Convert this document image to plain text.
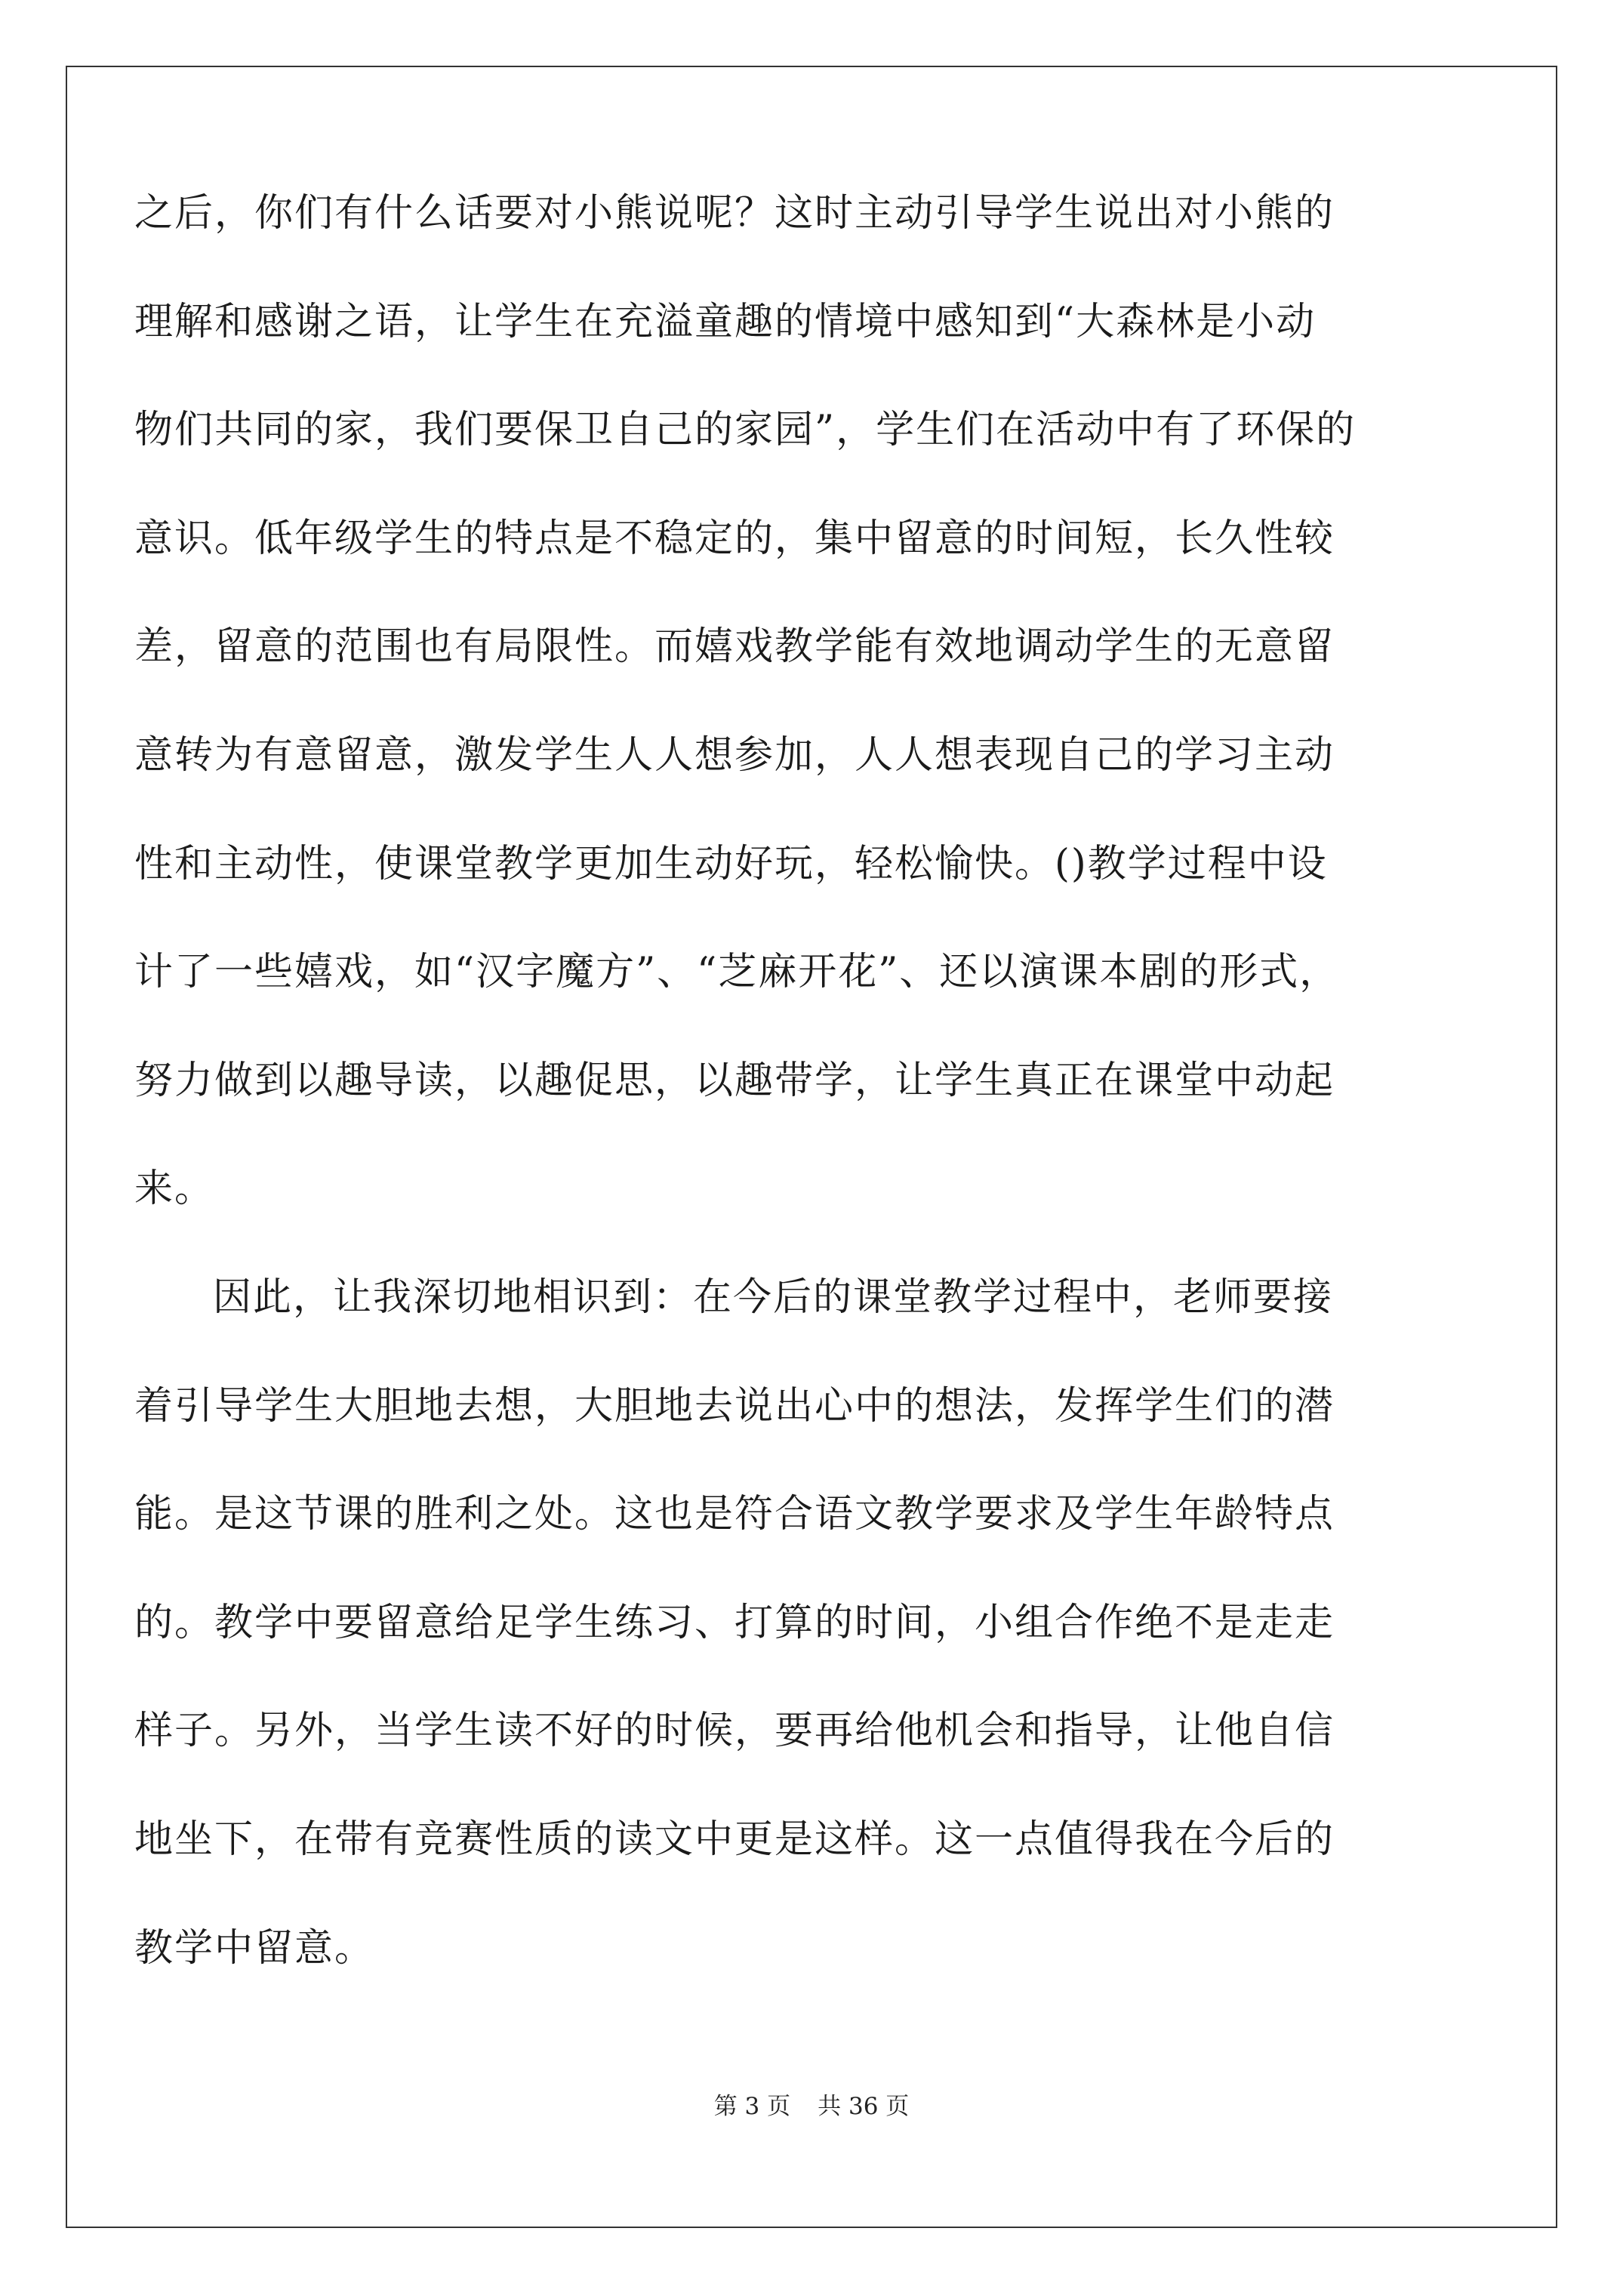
之后，你们有什么话要对小熊说呢？这时主动引导学生说出对小熊的
理解和感谢之语，让学生在充溢童趣的情境中感知到“大森林是小动
物们共同的家，我们要保卫自己的家园”，学生们在活动中有了环保的
意识。低年级学生的特点是不稳定的，集中留意的时间短，长久性较
差，留意的范围也有局限性。而嬉戏教学能有效地调动学生的无意留
意转为有意留意，激发学生人人想参加，人人想表现自己的学习主动
性和主动性，使课堂教学更加生动好玩，轻松愉快。()教学过程中设
计了一些嬉戏，如“汉字魔方”、“芝麻开花”、还以演课本剧的形式，
努力做到以趣导读，以趣促思，以趣带学，让学生真正在课堂中动起
来。
因此，让我深切地相识到：在今后的课堂教学过程中，老师要接
着引导学生大胆地去想，大胆地去说出心中的想法，发挥学生们的潜
能。是这节课的胜利之处。这也是符合语文教学要求及学生年龄特点
的。教学中要留意给足学生练习、打算的时间，小组合作绝不是走走
样子。另外，当学生读不好的时候，要再给他机会和指导，让他自信
地坐下，在带有竞赛性质的读文中更是这样。这一点值得我在今后的
教学中留意。
第 3 页 共 36 页
